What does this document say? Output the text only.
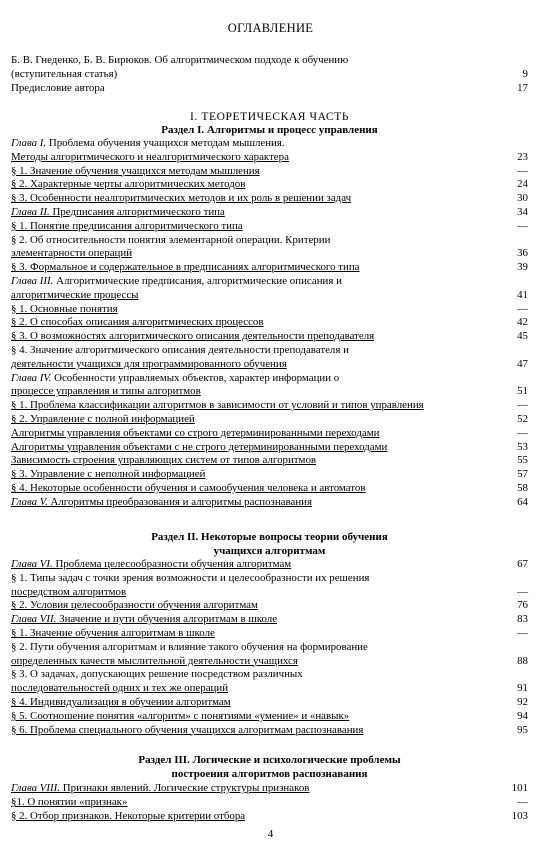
ОГЛАВЛЕНИЕ
Б. В. Гнеденко, Б. В. Бирюков. Об алгоритмическом подходе к обучению
(вступительная статья)	9
Предисловие автора	17
I. ТЕОРЕТИЧЕСКАЯ ЧАСТЬ
Раздел I. Алгоритмы и процесс управления
Глава I. Проблема обучения учащихся методам мышления.
Методы алгоритмического и неалгоритмического характера	23
§ 1. Значение обучения учащихся методам мышления	—
§ 2. Характерные черты алгоритмических методов	24
§ 3. Особенности неалгоритмических методов и их роль в решении задач	30
Глава II. Предписания алгоритмического типа	34
§ 1. Понятие предписания алгоритмического типа	—
§ 2. Об относительности понятия элементарной операции. Критерии
элементарности операций	36
§ 3. Формальное и содержательное в предписаниях алгоритмического типа	39
Глава III. Алгоритмические предписания, алгоритмические описания и
алгоритмические процессы	41
§ 1. Основные понятия	—
§ 2. О способах описания алгоритмических процессов	42
§ 3. О возможностях алгоритмического описания деятельности преподавателя	45
§ 4. Значение алгоритмического описания деятельности преподавателя и
деятельности учащихся для программированного обучения	47
Глава IV. Особенности управляемых объектов, характер информации о
процессе управления и типы алгоритмов	51
§ 1. Проблема классификации алгоритмов в зависимости от условий и типов управления	—
§ 2. Управление с полной информацией	52
Алгоритмы управления объектами со строго детерминированными переходами	—
Алгоритмы управления объектами с не строго детерминированными переходами	53
Зависимость строения управляющих систем от типов алгоритмов	55
§ 3. Управление с неполной информацией	57
§ 4. Некоторые особенности обучения и самообучения человека и автоматов	58
Глава V. Алгоритмы преобразования и алгоритмы распознавания	64
Раздел II. Некоторые вопросы теории обучения
учащихся алгоритмам
Глава VI. Проблема целесообразности обучения алгоритмам	67
§ 1. Типы задач с точки зрения возможности и целесообразности их решения
посредством алгоритмов	—
§ 2. Условия целесообразности обучения алгоритмам	76
Глава VII. Значение и пути обучения алгоритмам в школе	83
§ 1. Значение обучения алгоритмам в школе	—
§ 2. Пути обучения алгоритмам и влияние такого обучения на формирование
определенных качеств мыслительной деятельности учащихся	88
§ 3. О задачах, допускающих решение посредством различных
последовательностей одних и тех же операций	91
§ 4. Индивидуализация в обучении алгоритмам	92
§ 5. Соотношение понятия «алгоритм» с понятиями «умение» и «навык»	94
§ 6. Проблема специального обучения учащихся алгоритмам распознавания	95
Раздел III. Логические и психологические проблемы
построения алгоритмов распознавания
Глава VIII. Признаки явлений. Логические структуры признаков	101
§1. О понятии «признак»	—
§ 2. Отбор признаков. Некоторые критерии отбора	103
4
